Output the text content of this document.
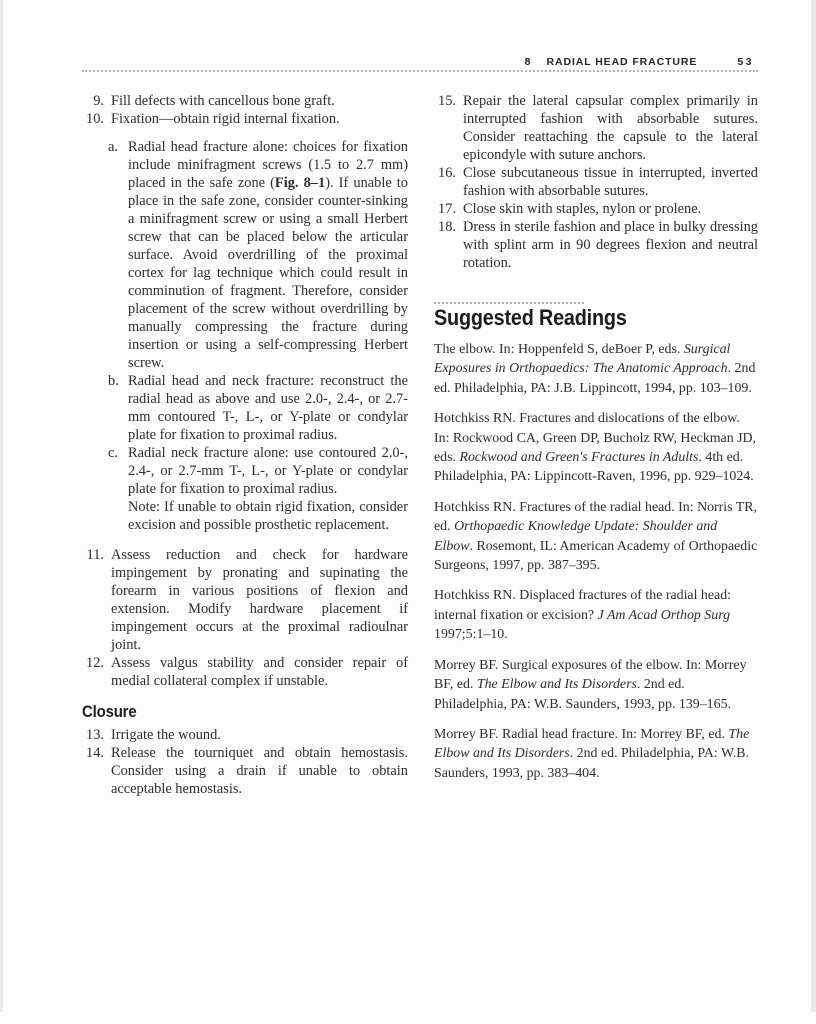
8 RADIAL HEAD FRACTURE	53
9. Fill defects with cancellous bone graft.
10. Fixation—obtain rigid internal fixation.
a. Radial head fracture alone: choices for fixation include minifragment screws (1.5 to 2.7 mm) placed in the safe zone (Fig. 8–1). If unable to place in the safe zone, consider counter-sinking a minifragment screw or using a small Herbert screw that can be placed below the articular surface. Avoid overdrilling of the proximal cortex for lag technique which could result in comminution of fragment. Therefore, consider placement of the screw without overdrilling by manually compressing the fracture during insertion or using a self-compressing Herbert screw.
b. Radial head and neck fracture: reconstruct the radial head as above and use 2.0-, 2.4-, or 2.7-mm contoured T-, L-, or Y-plate or condylar plate for fixation to proximal radius.
c. Radial neck fracture alone: use contoured 2.0-, 2.4-, or 2.7-mm T-, L-, or Y-plate or condylar plate for fixation to proximal radius.
Note: If unable to obtain rigid fixation, consider excision and possible prosthetic replacement.
11. Assess reduction and check for hardware impingement by pronating and supinating the forearm in various positions of flexion and extension. Modify hardware placement if impingement occurs at the proximal radioulnar joint.
12. Assess valgus stability and consider repair of medial collateral complex if unstable.
Closure
13. Irrigate the wound.
14. Release the tourniquet and obtain hemostasis. Consider using a drain if unable to obtain acceptable hemostasis.
15. Repair the lateral capsular complex primarily in interrupted fashion with absorbable sutures. Consider reattaching the capsule to the lateral epicondyle with suture anchors.
16. Close subcutaneous tissue in interrupted, inverted fashion with absorbable sutures.
17. Close skin with staples, nylon or prolene.
18. Dress in sterile fashion and place in bulky dressing with splint arm in 90 degrees flexion and neutral rotation.
Suggested Readings

The elbow. In: Hoppenfeld S, deBoer P, eds. Surgical Exposures in Orthopaedics: The Anatomic Approach. 2nd ed. Philadelphia, PA: J.B. Lippincott, 1994, pp. 103–109.

Hotchkiss RN. Fractures and dislocations of the elbow. In: Rockwood CA, Green DP, Bucholz RW, Heckman JD, eds. Rockwood and Green's Fractures in Adults. 4th ed. Philadelphia, PA: Lippincott-Raven, 1996, pp. 929–1024.

Hotchkiss RN. Fractures of the radial head. In: Norris TR, ed. Orthopaedic Knowledge Update: Shoulder and Elbow. Rosemont, IL: American Academy of Orthopaedic Surgeons, 1997, pp. 387–395.

Hotchkiss RN. Displaced fractures of the radial head: internal fixation or excision? J Am Acad Orthop Surg 1997;5:1–10.

Morrey BF. Surgical exposures of the elbow. In: Morrey BF, ed. The Elbow and Its Disorders. 2nd ed. Philadelphia, PA: W.B. Saunders, 1993, pp. 139–165.

Morrey BF. Radial head fracture. In: Morrey BF, ed. The Elbow and Its Disorders. 2nd ed. Philadelphia, PA: W.B. Saunders, 1993, pp. 383–404.
